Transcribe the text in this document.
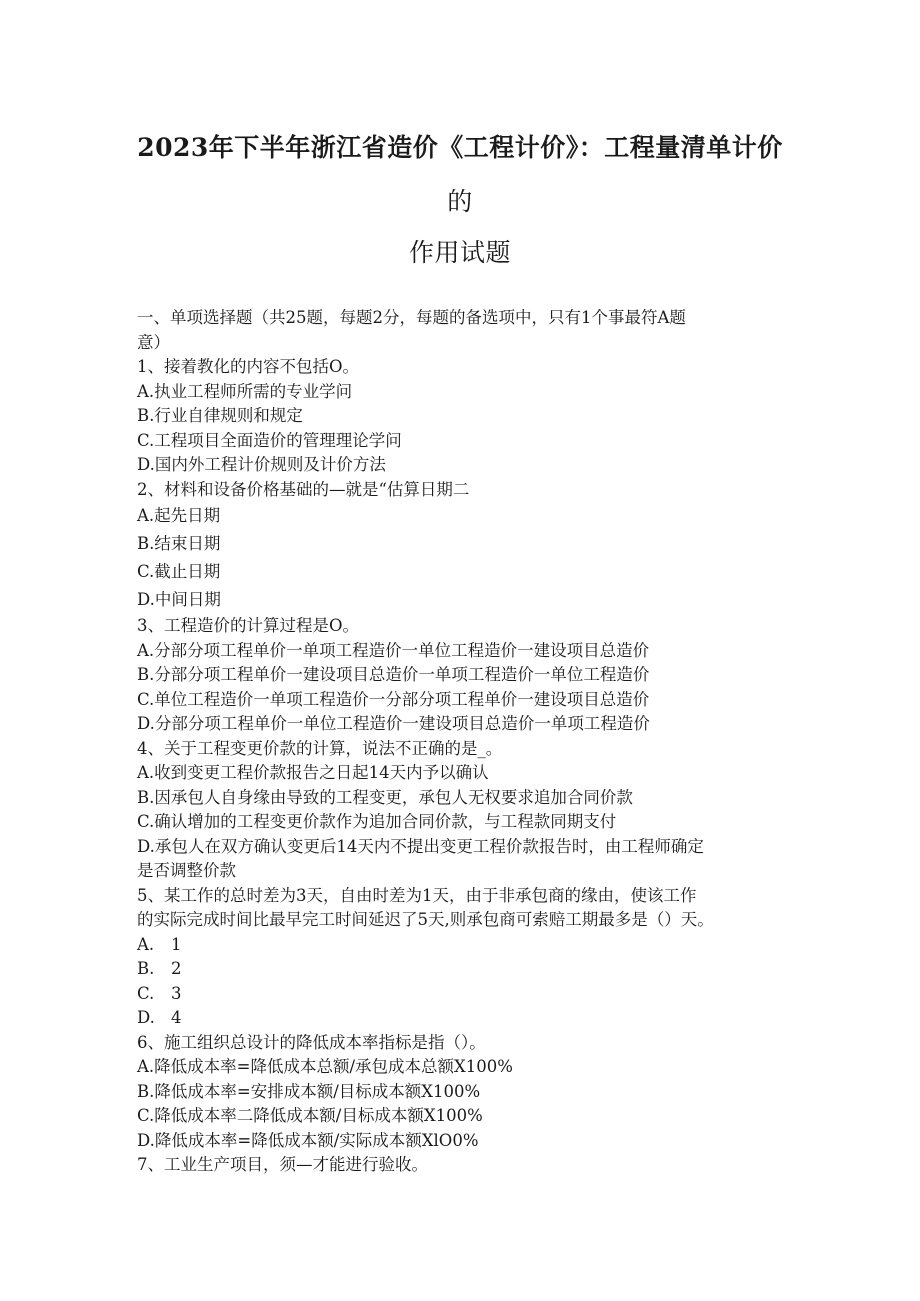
2023年下半年浙江省造价《工程计价》：工程量清单计价
的
作用试题
一、单项选择题（共25题，每题2分，每题的备选项中，只有1个事最符A题
意）
1、接着教化的内容不包括O。
A.执业工程师所需的专业学问
B.行业自律规则和规定
C.工程项目全面造价的管理理论学问
D.国内外工程计价规则及计价方法
2、材料和设备价格基础的—就是“估算日期二
A.起先日期
B.结束日期
C.截止日期
D.中间日期
3、工程造价的计算过程是O。
A.分部分项工程单价一单项工程造价一单位工程造价一建设项目总造价
B.分部分项工程单价一建设项目总造价一单项工程造价一单位工程造价
C.单位工程造价一单项工程造价一分部分项工程单价一建设项目总造价
D.分部分项工程单价一单位工程造价一建设项目总造价一单项工程造价
4、关于工程变更价款的计算，说法不正确的是_。
A.收到变更工程价款报告之日起14天内予以确认
B.因承包人自身缘由导致的工程变更，承包人无权要求追加合同价款
C.确认增加的工程变更价款作为追加合同价款，与工程款同期支付
D.承包人在双方确认变更后14天内不提出变更工程价款报告时，由工程师确定
是否调整价款
5、某工作的总时差为3天，自由时差为1天，由于非承包商的缘由，使该工作
的实际完成时间比最早完工时间延迟了5天,则承包商可索赔工期最多是（）天。
A. 1
B. 2
C. 3
D. 4
6、施工组织总设计的降低成本率指标是指（）。
A.降低成本率=降低成本总额/承包成本总额X100%
B.降低成本率=安排成本额/目标成本额X100%
C.降低成本率二降低成本额/目标成本额X100%
D.降低成本率=降低成本额/实际成本额XlO0%
7、工业生产项目，须—才能进行验收。
